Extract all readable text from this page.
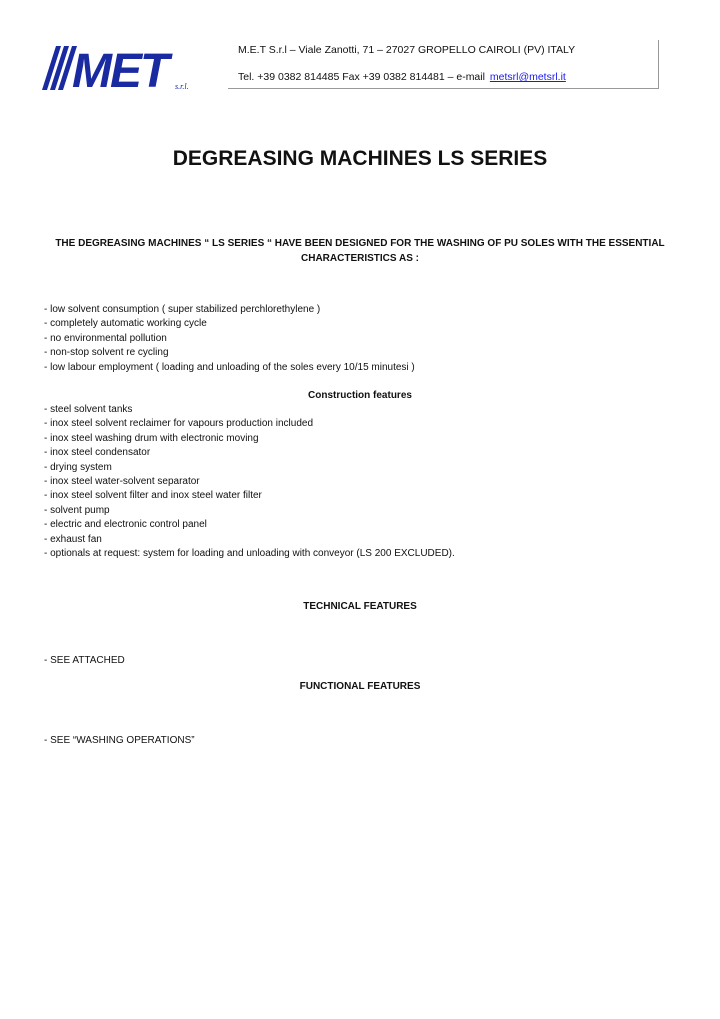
MET s.r.l.
M.E.T S.r.l – Viale Zanotti, 71 – 27027 GROPELLO CAIROLI (PV) ITALY
Tel. +39 0382 814485 Fax +39 0382 814481 – e-mail metsrl@metsrl.it
DEGREASING MACHINES LS SERIES
THE DEGREASING MACHINES “ LS SERIES “ HAVE BEEN DESIGNED FOR THE WASHING OF PU SOLES WITH THE ESSENTIAL CHARACTERISTICS AS :
- low solvent consumption ( super stabilized perchlorethylene )
- completely automatic working cycle
- no environmental pollution
- non-stop solvent re cycling
- low labour employment ( loading and unloading of the soles every 10/15 minutesi )
Construction features
- steel solvent tanks
- inox steel solvent reclaimer for vapours production included
- inox steel washing drum with electronic moving
- inox steel condensator
- drying system
- inox steel water-solvent separator
- inox steel solvent filter and inox steel water filter
- solvent pump
- electric and electronic control panel
- exhaust fan
- optionals at request: system for loading and unloading with conveyor (LS 200 EXCLUDED).
TECHNICAL FEATURES
- SEE ATTACHED
FUNCTIONAL FEATURES
- SEE “WASHING OPERATIONS”
